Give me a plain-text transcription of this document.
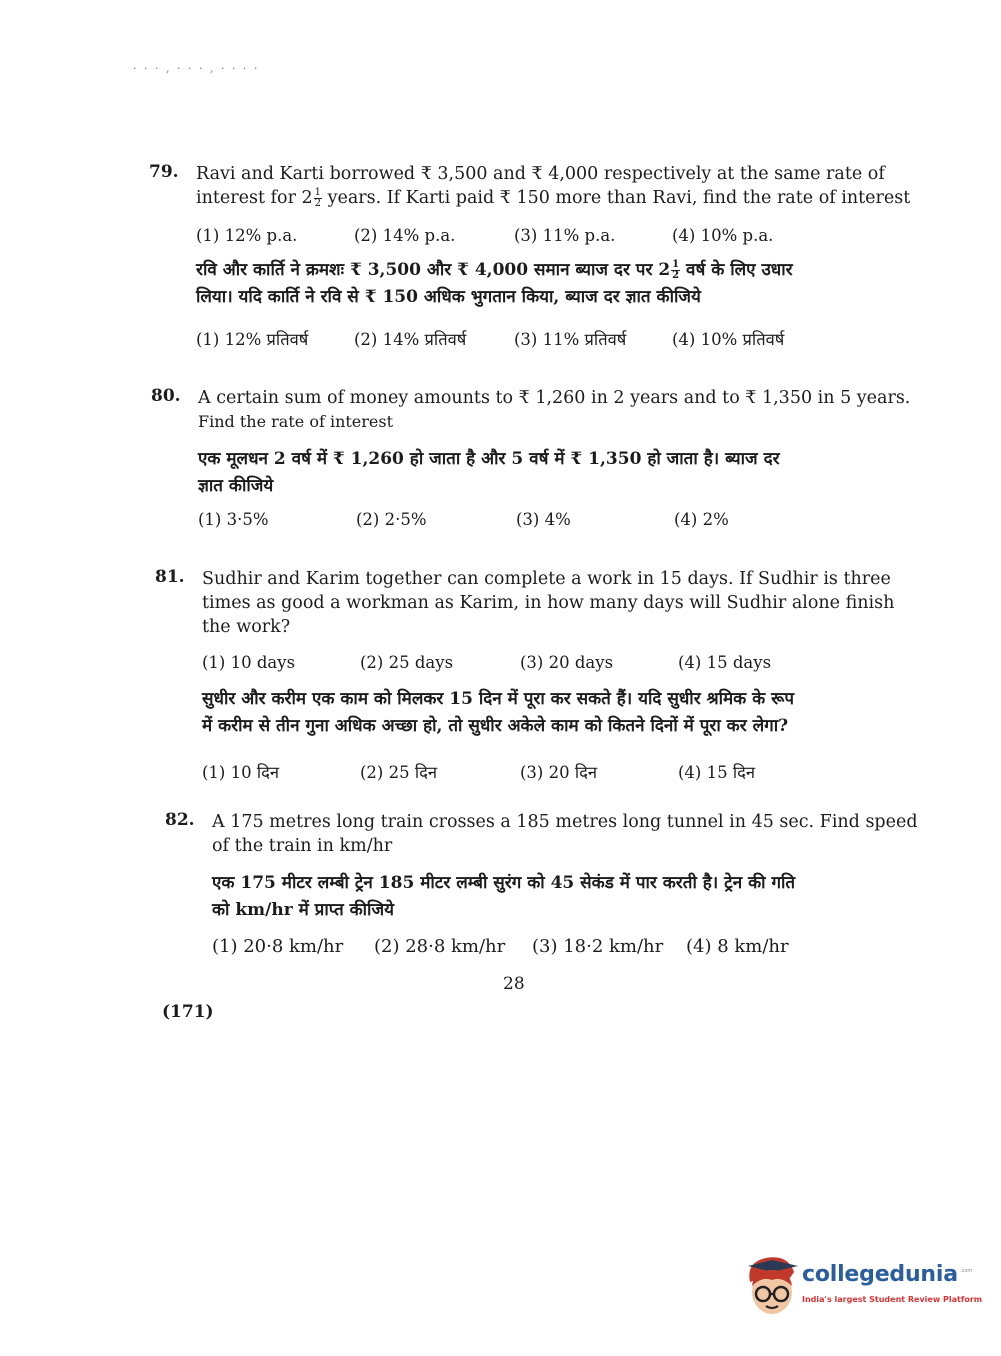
· · · , · · · , · · · ·
79. Ravi and Karti borrowed ₹ 3,500 and ₹ 4,000 respectively at the same rate of

interest for $2 \frac{1}{2}$ years. If Karti paid ₹ 150 more than Ravi, find the rate of interest

(1) 12% p.a.	(2) 14% p.a.	(3) 11% p.a.	(4) 10% p.a.

रवि और कार्ति ने क्रमशः ₹ 3,500 और ₹ 4,000 समान ब्याज दर पर $2 \frac{1}{2}$ वर्ष के लिए उधार

लिया। यदि कार्ति ने रवि से ₹ 150 अधिक भुगतान किया, ब्याज दर ज्ञात कीजिये

(1) 12% प्रतिवर्ष	(2) 14% प्रतिवर्ष	(3) 11% प्रतिवर्ष	(4) 10% प्रतिवर्ष
80. A certain sum of money amounts to ₹ 1,260 in 2 years and to ₹ 1,350 in 5 years.

Find the rate of interest

एक मूलधन 2 वर्ष में ₹ 1,260 हो जाता है और 5 वर्ष में ₹ 1,350 हो जाता है। ब्याज दर

ज्ञात कीजिये

(1) 3·5%	(2) 2·5%	(3) 4%	(4) 2%
81. Sudhir and Karim together can complete a work in 15 days. If Sudhir is three

times as good a workman as Karim, in how many days will Sudhir alone finish

the work?

(1) 10 days	(2) 25 days	(3) 20 days	(4) 15 days

सुधीर और करीम एक काम को मिलकर 15 दिन में पूरा कर सकते हैं। यदि सुधीर श्रमिक के रूप

में करीम से तीन गुना अधिक अच्छा हो, तो सुधीर अकेले काम को कितने दिनों में पूरा कर लेगा?

(1) 10 दिन	(2) 25 दिन	(3) 20 दिन	(4) 15 दिन
82. A 175 metres long train crosses a 185 metres long tunnel in 45 sec. Find speed

of the train in km/hr

एक 175 मीटर लम्बी ट्रेन 185 मीटर लम्बी सुरंग को 45 सेकंड में पार करती है। ट्रेन की गति

को km/hr में प्राप्त कीजिये

(1) 20·8 km/hr	(2) 28·8 km/hr	(3) 18·2 km/hr	(4) 8 km/hr
28
(171)
collegedunia .com
India's largest Student Review Platform
